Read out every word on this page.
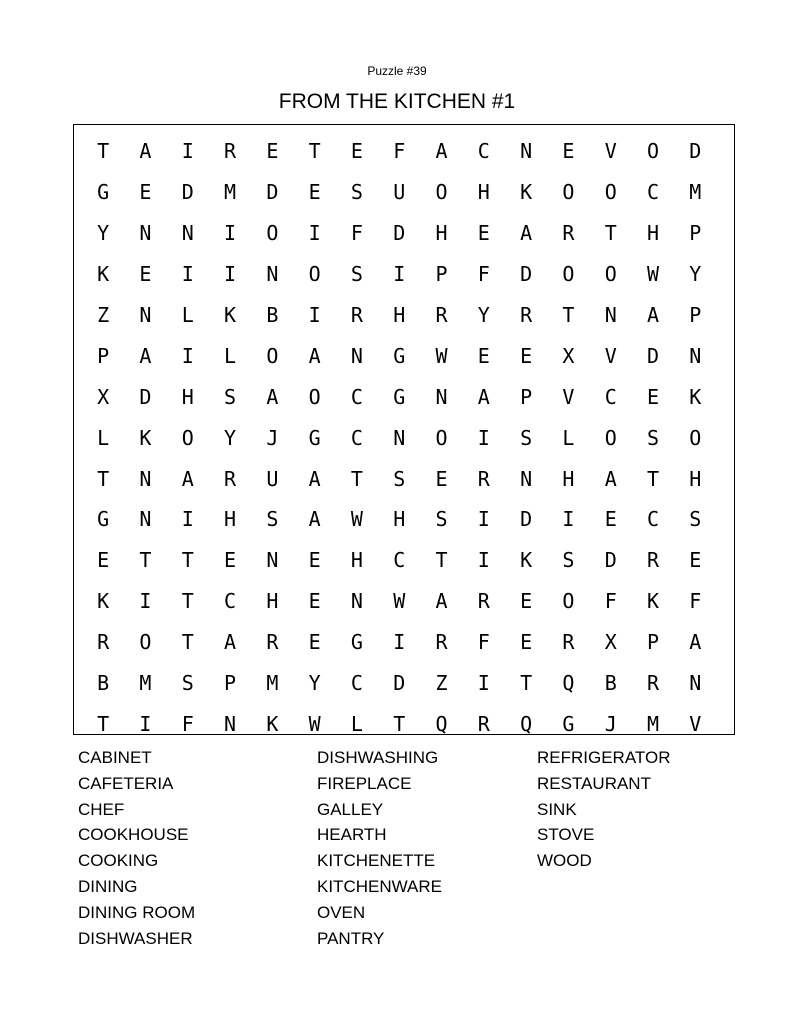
Puzzle #39
FROM THE KITCHEN #1
T	A	I	R	E	T	E	F	A	C	N	E	V	O	D
G	E	D	M	D	E	S	U	O	H	K	O	O	C	M
Y	N	N	I	O	I	F	D	H	E	A	R	T	H	P
K	E	I	I	N	O	S	I	P	F	D	O	O	W	Y
Z	N	L	K	B	I	R	H	R	Y	R	T	N	A	P
P	A	I	L	O	A	N	G	W	E	E	X	V	D	N
X	D	H	S	A	O	C	G	N	A	P	V	C	E	K
L	K	O	Y	J	G	C	N	O	I	S	L	O	S	O
T	N	A	R	U	A	T	S	E	R	N	H	A	T	H
G	N	I	H	S	A	W	H	S	I	D	I	E	C	S
E	T	T	E	N	E	H	C	T	I	K	S	D	R	E
K	I	T	C	H	E	N	W	A	R	E	O	F	K	F
R	O	T	A	R	E	G	I	R	F	E	R	X	P	A
B	M	S	P	M	Y	C	D	Z	I	T	Q	B	R	N
T	I	F	N	K	W	L	T	Q	R	Q	G	J	M	V
CABINET
CAFETERIA
CHEF
COOKHOUSE
COOKING
DINING
DINING ROOM
DISHWASHER
DISHWASHING
FIREPLACE
GALLEY
HEARTH
KITCHENETTE
KITCHENWARE
OVEN
PANTRY
REFRIGERATOR
RESTAURANT
SINK
STOVE
WOOD
